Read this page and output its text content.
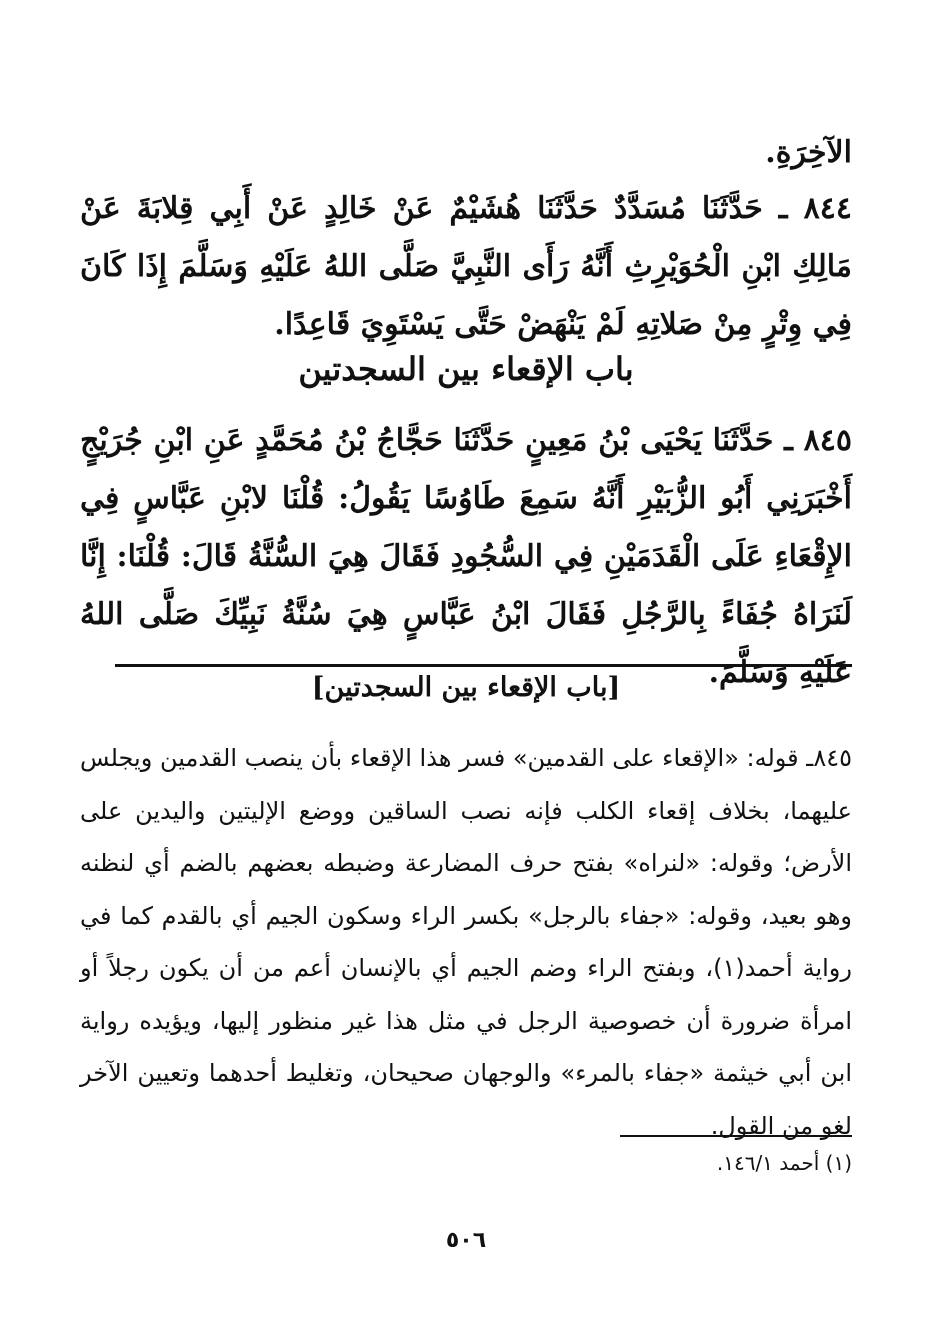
الآخِرَةِ.
٨٤٤ ـ حَدَّثَنَا مُسَدَّدٌ حَدَّثَنَا هُشَيْمٌ عَنْ خَالِدٍ عَنْ أَبِي قِلابَةَ عَنْ مَالِكِ ابْنِ الْحُوَيْرِثِ أَنَّهُ رَأَى النَّبِيَّ صَلَّى اللهُ عَلَيْهِ وَسَلَّمَ إِذَا كَانَ فِي وِتْرٍ مِنْ صَلاتِهِ لَمْ يَنْهَضْ حَتَّى يَسْتَوِيَ قَاعِدًا.
باب الإقعاء بين السجدتين
٨٤٥ ـ حَدَّثَنَا يَحْيَى بْنُ مَعِينٍ حَدَّثَنَا حَجَّاجُ بْنُ مُحَمَّدٍ عَنِ ابْنِ جُرَيْجٍ أَخْبَرَنِي أَبُو الزُّبَيْرِ أَنَّهُ سَمِعَ طَاوُسًا يَقُولُ: قُلْنَا لابْنِ عَبَّاسٍ فِي الإِقْعَاءِ عَلَى الْقَدَمَيْنِ فِي السُّجُودِ فَقَالَ هِيَ السُّنَّةُ قَالَ: قُلْنَا: إِنَّا لَنَرَاهُ جُفَاءً بِالرَّجُلِ فَقَالَ ابْنُ عَبَّاسٍ هِيَ سُنَّةُ نَبِيِّكَ صَلَّى اللهُ عَلَيْهِ وَسَلَّمَ.
[باب الإقعاء بين السجدتين]
٨٤٥ـ قوله: «الإقعاء على القدمين» فسر هذا الإقعاء بأن ينصب القدمين ويجلس عليهما، بخلاف إقعاء الكلب فإنه نصب الساقين ووضع الإليتين واليدين على الأرض؛ وقوله: «لنراه» بفتح حرف المضارعة وضبطه بعضهم بالضم أي لنظنه وهو بعيد، وقوله: «جفاء بالرجل» بكسر الراء وسكون الجيم أي بالقدم كما في رواية أحمد(١)، وبفتح الراء وضم الجيم أي بالإنسان أعم من أن يكون رجلاً أو امرأة ضرورة أن خصوصية الرجل في مثل هذا غير منظور إليها، ويؤيده رواية ابن أبي خيثمة «جفاء بالمرء» والوجهان صحيحان، وتغليط أحدهما وتعيين الآخر لغو من القول.
(١) أحمد ١٤٦/١.
٥٠٦
